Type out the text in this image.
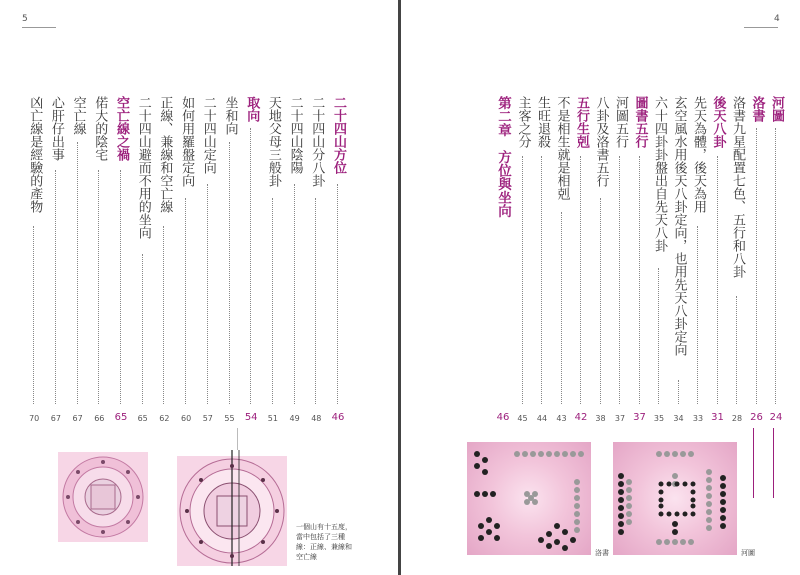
5
二十四山方位
46
二十四山分八卦
48
二十四山陰陽
49
天地父母三般卦
51
取向
54
坐和向
55
二十四山定向
57
如何用羅盤定向
60
正線、兼線和空亡線
62
二十四山避而不用的坐向
65
空亡線之禍
65
偌大的陰宅
66
空亡線
67
心肝仔出事
67
凶亡線是經驗的產物
70
一個山有十五度，當中包括了三種線：正線、兼線和空亡線
4
河圖
24
洛書
26
洛書九星配置七色、五行和八卦
28
後天八卦
31
先天為體，後天為用
33
玄空風水用後天八卦定向，也用先天八卦定向
34
六十四卦卦盤出自先天八卦
35
圖書五行
37
河圖五行
37
八卦及洛書五行
38
五行生剋
42
不是相生就是相剋
43
生旺退殺
44
主客之分
45
第二章　方位與坐向
46
洛書	河圖
